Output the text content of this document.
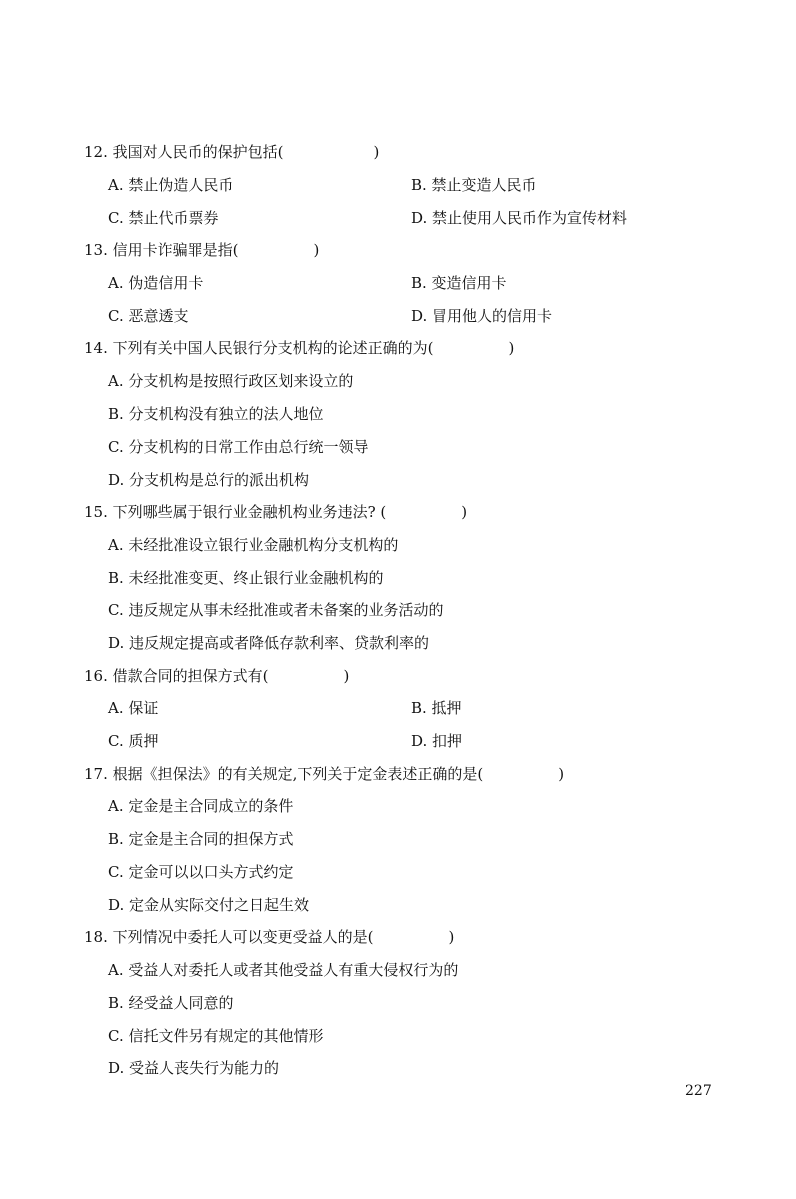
12. 我国对人民币的保护包括(　　　　　　)
A. 禁止伪造人民币	B. 禁止变造人民币
C. 禁止代币票券	D. 禁止使用人民币作为宣传材料
13. 信用卡诈骗罪是指(　　　　　)
A. 伪造信用卡	B. 变造信用卡
C. 恶意透支	D. 冒用他人的信用卡
14. 下列有关中国人民银行分支机构的论述正确的为(　　　　　)
A. 分支机构是按照行政区划来设立的
B. 分支机构没有独立的法人地位
C. 分支机构的日常工作由总行统一领导
D. 分支机构是总行的派出机构
15. 下列哪些属于银行业金融机构业务违法? (　　　　　)
A. 未经批准设立银行业金融机构分支机构的
B. 未经批准变更、终止银行业金融机构的
C. 违反规定从事未经批准或者未备案的业务活动的
D. 违反规定提高或者降低存款利率、贷款利率的
16. 借款合同的担保方式有(　　　　　)
A. 保证	B. 抵押
C. 质押	D. 扣押
17. 根据《担保法》的有关规定,下列关于定金表述正确的是(　　　　　)
A. 定金是主合同成立的条件
B. 定金是主合同的担保方式
C. 定金可以以口头方式约定
D. 定金从实际交付之日起生效
18. 下列情况中委托人可以变更受益人的是(　　　　　)
A. 受益人对委托人或者其他受益人有重大侵权行为的
B. 经受益人同意的
C. 信托文件另有规定的其他情形
D. 受益人丧失行为能力的
227
